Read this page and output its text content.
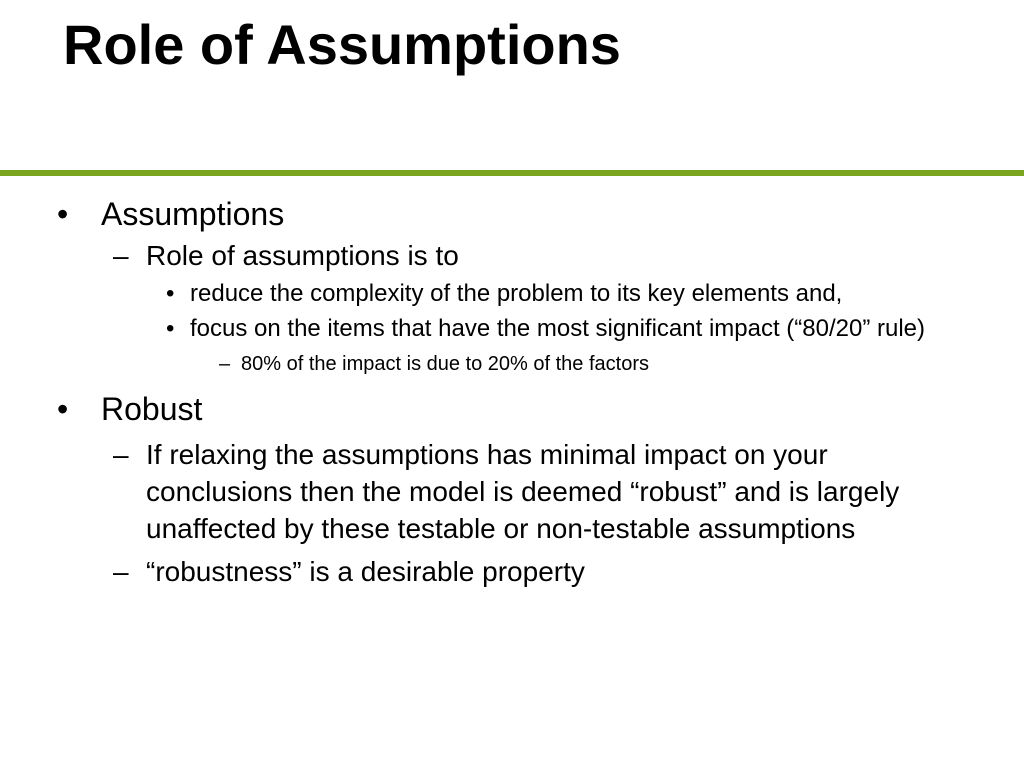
Role of Assumptions
• Assumptions
– Role of assumptions is to
• reduce the complexity of the problem to its key elements and,
• focus on the items that have the most significant impact (“80/20” rule)
– 80% of the impact is due to 20% of the factors
• Robust
– If relaxing the assumptions has minimal impact on your conclusions then the model is deemed “robust” and is largely unaffected by these testable or non-testable assumptions
– “robustness” is a desirable property
